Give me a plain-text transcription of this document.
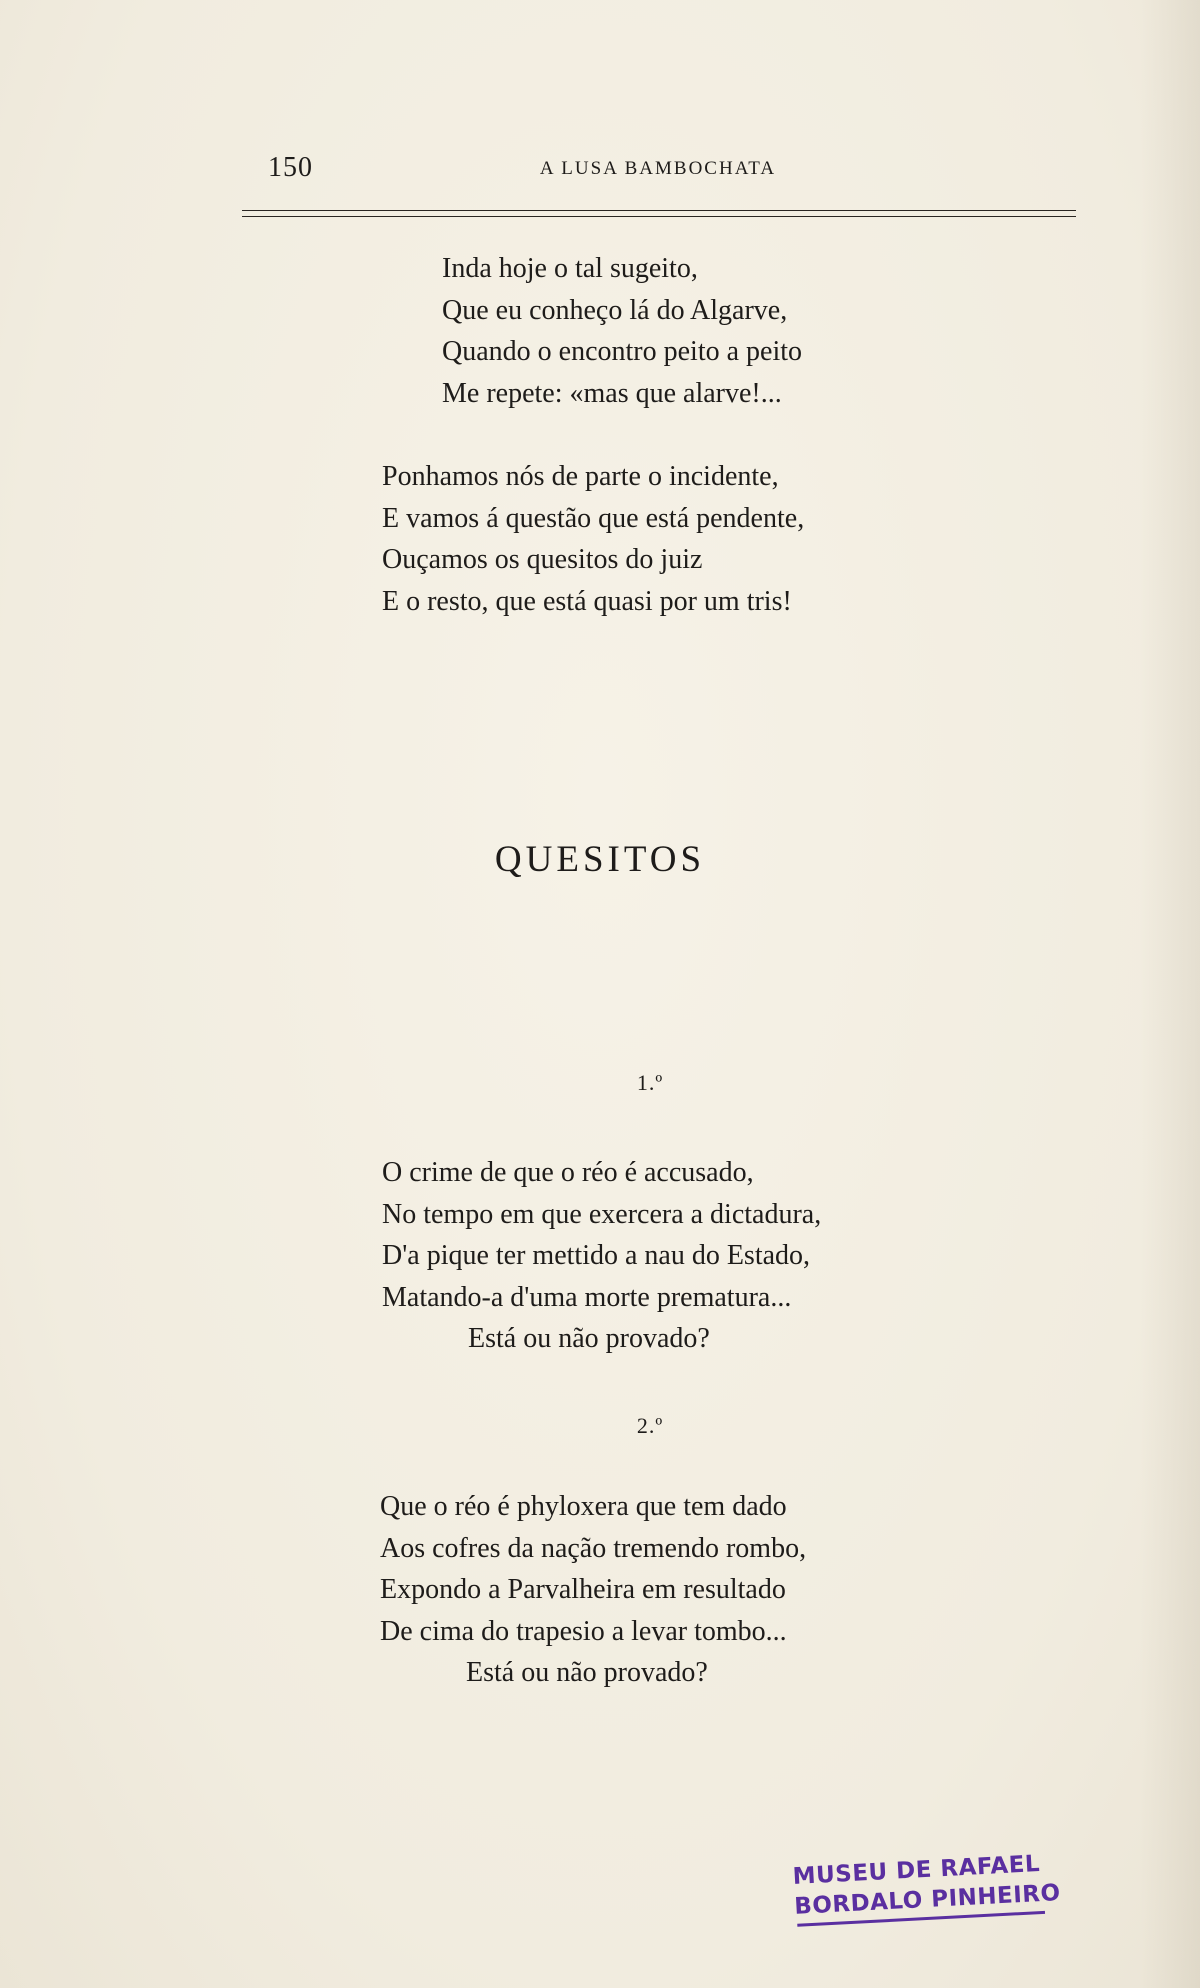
150	A LUSA BAMBOCHATA
Inda hoje o tal sugeito,
Que eu conheço lá do Algarve,
Quando o encontro peito a peito
Me repete: «mas que alarve!...
Ponhamos nós de parte o incidente,
E vamos á questão que está pendente,
Ouçamos os quesitos do juiz
E o resto, que está quasi por um tris!
QUESITOS
1.º
O crime de que o réo é accusado,
No tempo em que exercera a dictadura,
D'a pique ter mettido a nau do Estado,
Matando-a d'uma morte prematura...
Está ou não provado?
2.º
Que o réo é phyloxera que tem dado
Aos cofres da nação tremendo rombo,
Expondo a Parvalheira em resultado
De cima do trapesio a levar tombo...
Está ou não provado?
MUSEU DE RAFAEL
BORDALO PINHEIRO
